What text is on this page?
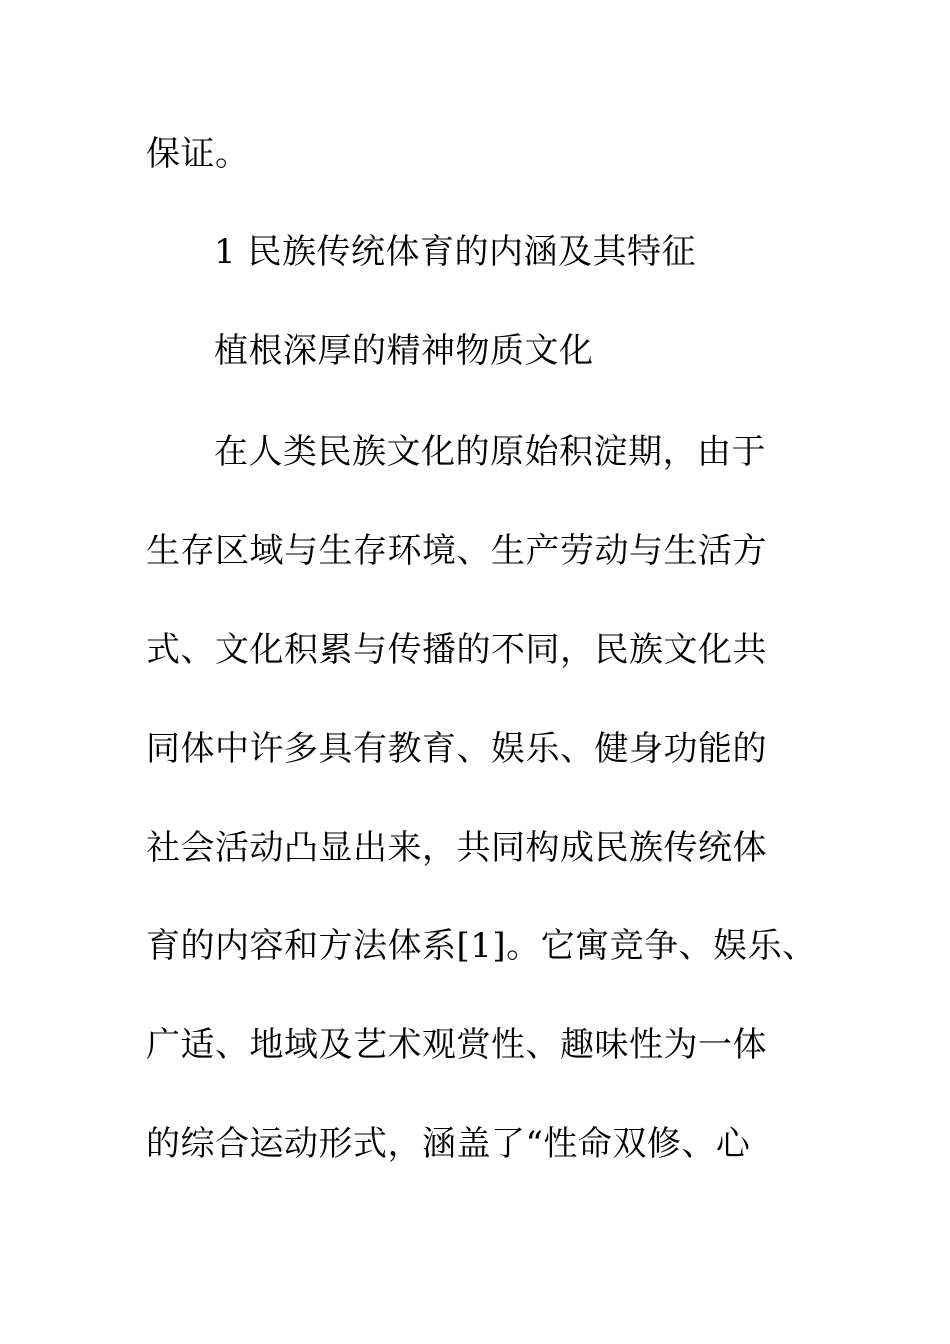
保证。
1 民族传统体育的内涵及其特征
植根深厚的精神物质文化
在人类民族文化的原始积淀期，由于
生存区域与生存环境、生产劳动与生活方
式、文化积累与传播的不同，民族文化共
同体中许多具有教育、娱乐、健身功能的
社会活动凸显出来，共同构成民族传统体
育的内容和方法体系[1]。它寓竞争、娱乐、
广适、地域及艺术观赏性、趣味性为一体
的综合运动形式，涵盖了“性命双修、心
